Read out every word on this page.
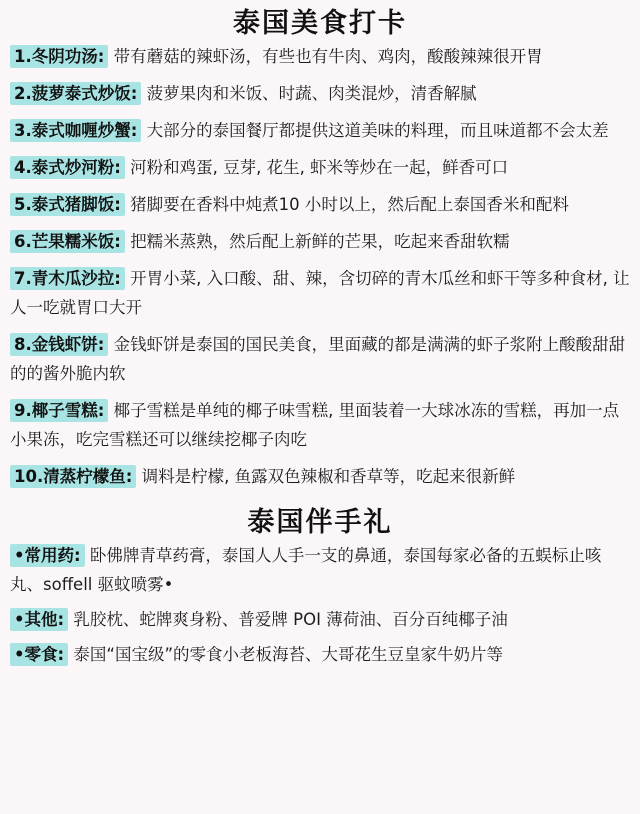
泰国美食打卡
1.冬阴功汤: 带有蘑菇的辣虾汤，有些也有牛肉、鸡肉，酸酸辣辣很开胃
2.菠萝泰式炒饭: 菠萝果肉和米饭、时蔬、肉类混炒，清香解腻
3.泰式咖喱炒蟹: 大部分的泰国餐厅都提供这道美味的料理，而且味道都不会太差
4.泰式炒河粉: 河粉和鸡蛋, 豆芽, 花生, 虾米等炒在一起，鲜香可口
5.泰式猪脚饭: 猪脚要在香料中炖煮10 小时以上，然后配上泰国香米和配料
6.芒果糯米饭: 把糯米蒸熟，然后配上新鲜的芒果，吃起来香甜软糯
7.青木瓜沙拉: 开胃小菜, 入口酸、甜、辣，含切碎的青木瓜丝和虾干等多种食材, 让人一吃就胃口大开
8.金钱虾饼: 金钱虾饼是泰国的国民美食，里面藏的都是满满的虾子浆附上酸酸甜甜的的酱外脆内软
9.椰子雪糕: 椰子雪糕是单纯的椰子味雪糕, 里面装着一大球冰冻的雪糕，再加一点小果冻，吃完雪糕还可以继续挖椰子肉吃
10.清蒸柠檬鱼: 调料是柠檬, 鱼露双色辣椒和香草等，吃起来很新鲜
泰国伴手礼
•常用药: 卧佛牌青草药膏，泰国人人手一支的鼻通，泰国每家必备的五蜈标止咳丸、soffell 驱蚊喷雾•
•其他: 乳胶枕、蛇牌爽身粉、普爱牌 POI 薄荷油、百分百纯椰子油
•零食: 泰国“国宝级”的零食小老板海苔、大哥花生豆皇家牛奶片等
